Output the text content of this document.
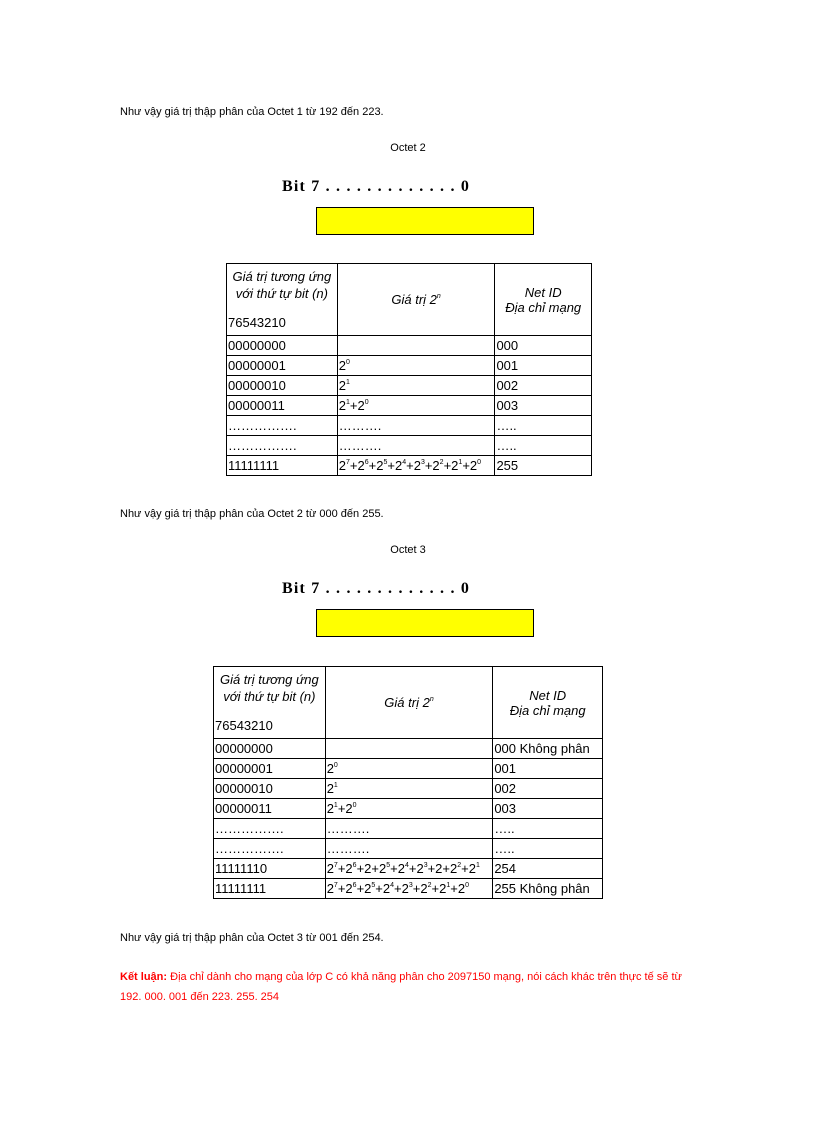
Như vậy giá trị thập phân của Octet 1 từ 192 đến 223.
Octet 2
Bit 7 . . . . . . . . . . . . . 0
Giá trị tương ứng
với thứ tự bit (n)
76543210	Giá trị 2$^n$	Net ID
Địa chỉ mạng
00000000		000
00000001	$2^0$	001
00000010	$2^1$	002
00000011	$2^1+2^0$	003
…………….	……….	…..
…………….	……….	…..
11111111	$2^7+2^6+2^5+2^4+2^3+2^2+2^1+2^0$	255
Như vậy giá trị thập phân của Octet 2 từ 000 đến 255.
Octet 3
Bit 7 . . . . . . . . . . . . . 0
Giá trị tương ứng
với thứ tự bit (n)
76543210	Giá trị 2$^n$	Net ID
Địa chỉ mạng
00000000		000 Không phân
00000001	$2^0$	001
00000010	$2^1$	002
00000011	$2^1+2^0$	003
…………….	……….	…..
…………….	……….	…..
11111110	$2^7+2^6+2+2^5+2^4+2^3+2+2^2+2^1$	254
11111111	$2^7+2^6+2^5+2^4+2^3+2^2+2^1+2^0$	255 Không phân
Như vậy giá trị thập phân của Octet 3 từ 001 đến 254.
Kết luận: Địa chỉ dành cho mạng của lớp C có khả năng phân cho 2097150 mạng, nói cách khác trên thực tế sẽ từ 192. 000. 001 đến 223. 255. 254
